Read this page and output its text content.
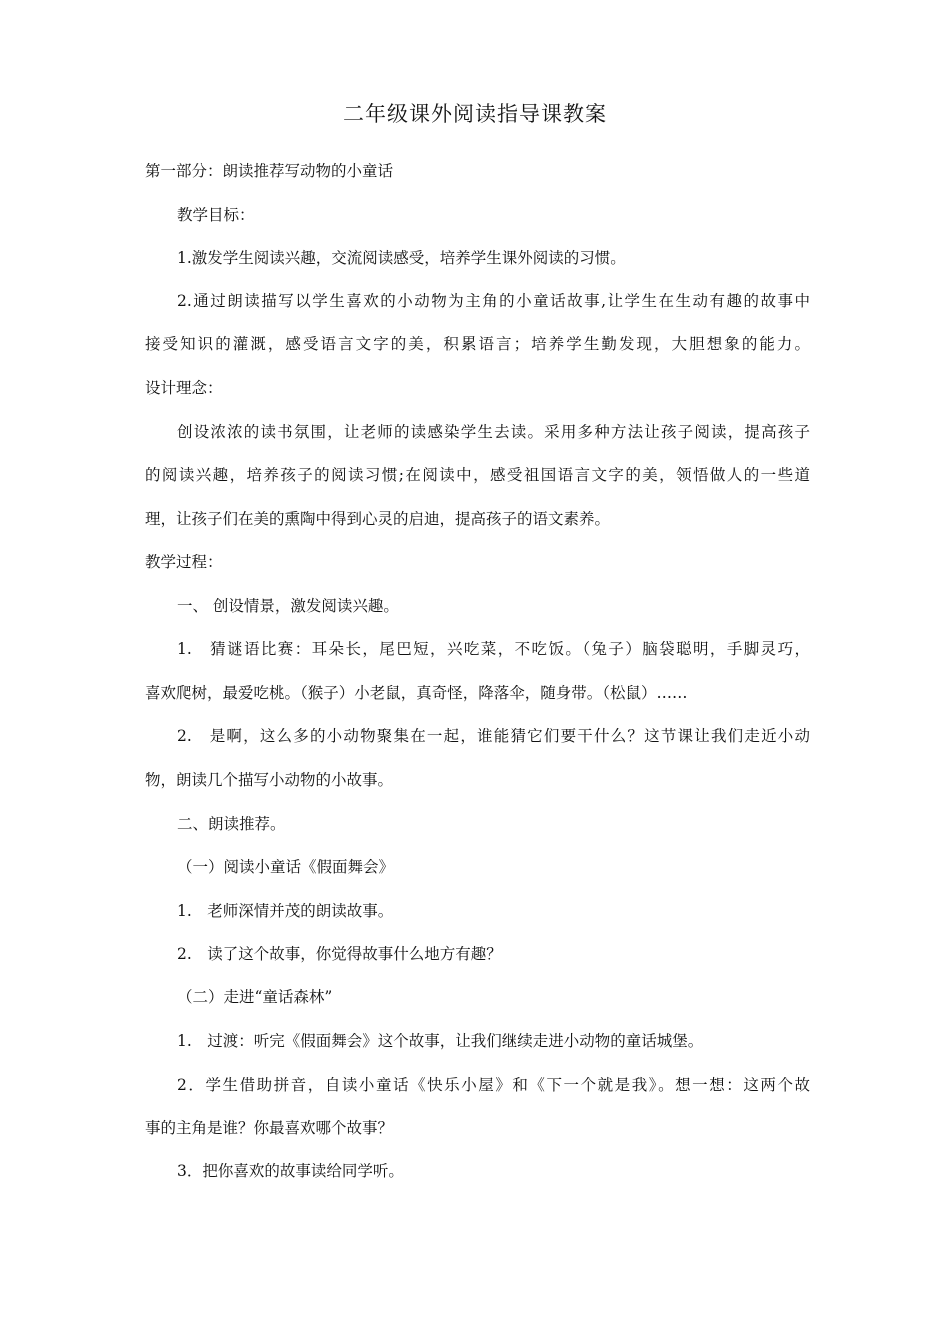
二年级课外阅读指导课教案
第一部分：朗读推荐写动物的小童话
教学目标：
1.激发学生阅读兴趣，交流阅读感受，培养学生课外阅读的习惯。
2.通过朗读描写以学生喜欢的小动物为主角的小童话故事,让学生在生动有趣的故事中
接受知识的灌溉，感受语言文字的美，积累语言；培养学生勤发现，大胆想象的能力。
设计理念：
创设浓浓的读书氛围，让老师的读感染学生去读。采用多种方法让孩子阅读，提高孩子
的阅读兴趣，培养孩子的阅读习惯;在阅读中，感受祖国语言文字的美，领悟做人的一些道
理，让孩子们在美的熏陶中得到心灵的启迪，提高孩子的语文素养。
教学过程：
一、 创设情景，激发阅读兴趣。
1.　猜谜语比赛：耳朵长，尾巴短，兴吃菜，不吃饭。（兔子）脑袋聪明，手脚灵巧，
喜欢爬树，最爱吃桃。（猴子）小老鼠，真奇怪，降落伞，随身带。（松鼠）……
2.　是啊，这么多的小动物聚集在一起，谁能猜它们要干什么？这节课让我们走近小动
物，朗读几个描写小动物的小故事。
二、朗读推荐。
（一）阅读小童话《假面舞会》
1.　老师深情并茂的朗读故事。
2.　读了这个故事，你觉得故事什么地方有趣？
（二）走进“童话森林”
1.　过渡：听完《假面舞会》这个故事，让我们继续走进小动物的童话城堡。
2．学生借助拼音，自读小童话《快乐小屋》和《下一个就是我》。想一想：这两个故
事的主角是谁？你最喜欢哪个故事？
3．把你喜欢的故事读给同学听。
